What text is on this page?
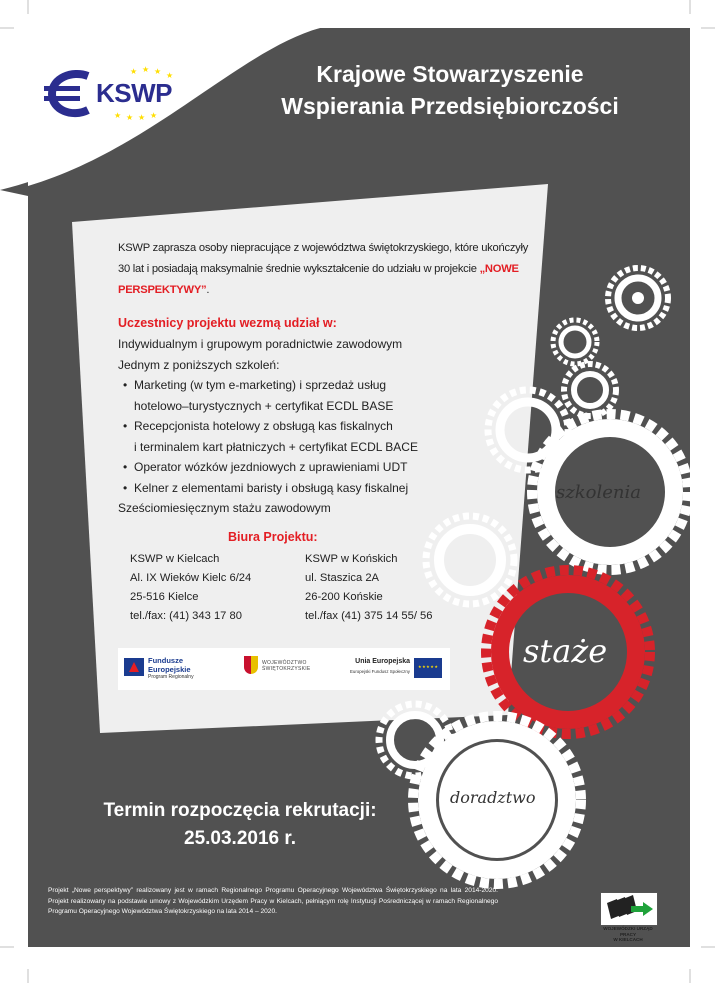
★ ★ ★ ★
★ ★ ★ ★
KSWP
Krajowe Stowarzyszenie
Wspierania Przedsiębiorczości
KSWP zaprasza osoby niepracujące z województwa świętokrzyskiego, które ukończyły 30 lat i posiadają maksymalnie średnie wykształcenie do udziału w projekcie „NOWE PERSPEKTYWY”.
Uczestnicy projektu wezmą udział w:
Indywidualnym i grupowym poradnictwie zawodowym
Jednym z poniższych szkoleń:
• Marketing (w tym e-marketing) i sprzedaż usług
hotelowo–turystycznych + certyfikat ECDL BASE
• Recepcjonista hotelowy z obsługą kas fiskalnych
i terminalem kart płatniczych + certyfikat ECDL BACE
• Operator wózków jezdniowych z uprawieniami UDT
• Kelner z elementami baristy i obsługą kasy fiskalnej
Sześciomiesięcznym stażu zawodowym
Biura Projektu:
KSWP w Kielcach
Al. IX Wieków Kielc 6/24
25-516 Kielce
tel./fax: (41) 343 17 80
KSWP w Końskich
ul. Staszica 2A
26-200 Końskie
tel./fax (41) 375 14 55/ 56
Fundusze
Europejskie
Program Regionalny
WOJEWÓDZTWO
ŚWIĘTOKRZYSKIE
Unia Europejska
Europejski Fundusz Społeczny
★★★★★
szkolenia
staże
doradztwo
Termin rozpoczęcia rekrutacji:
25.03.2016 r.
Projekt „Nowe perspektywy” realizowany jest w ramach Regionalnego Programu Operacyjnego Województwa Świętokrzyskiego na lata 2014-2020. Projekt realizowany na podstawie umowy z Wojewódzkim Urzędem Pracy w Kielcach, pełniącym rolę Instytucji Pośredniczącej w ramach Regionalnego Programu Operacyjnego Województwa Świętokrzyskiego na lata 2014 – 2020.
WOJEWÓDZKI URZĄD PRACY
W KIELCACH
